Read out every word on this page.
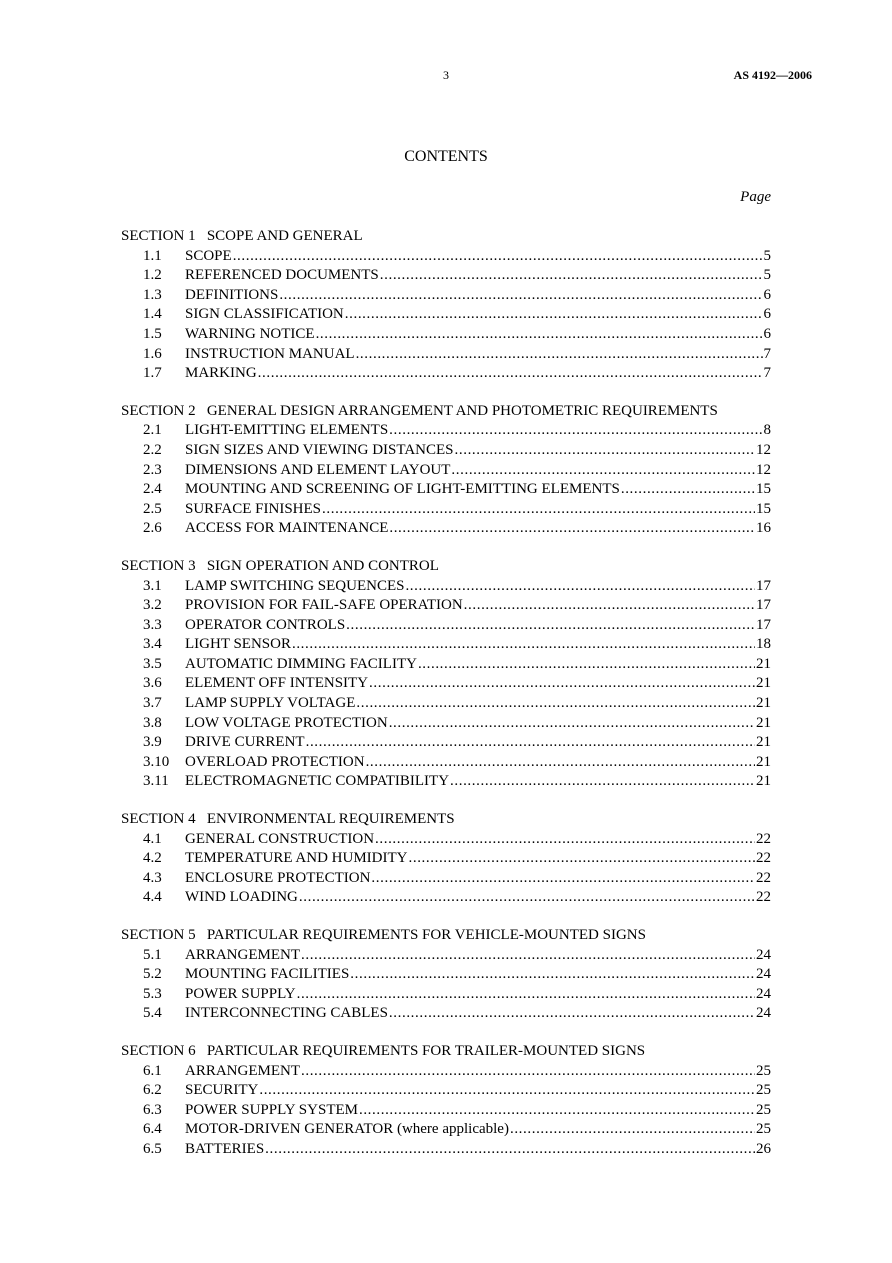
3	AS 4192—2006
CONTENTS
Page
SECTION 1   SCOPE AND GENERAL
1.1	SCOPE .....	5
1.2	REFERENCED DOCUMENTS .....	5
1.3	DEFINITIONS .....	6
1.4	SIGN CLASSIFICATION .....	6
1.5	WARNING NOTICE .....	6
1.6	INSTRUCTION MANUAL .....	7
1.7	MARKING .....	7
SECTION 2   GENERAL DESIGN ARRANGEMENT AND PHOTOMETRIC REQUIREMENTS
2.1	LIGHT-EMITTING ELEMENTS .....	8
2.2	SIGN SIZES AND VIEWING DISTANCES .....	12
2.3	DIMENSIONS AND ELEMENT LAYOUT .....	12
2.4	MOUNTING AND SCREENING OF LIGHT-EMITTING ELEMENTS .....	15
2.5	SURFACE FINISHES .....	15
2.6	ACCESS FOR MAINTENANCE .....	16
SECTION 3   SIGN OPERATION AND CONTROL
3.1	LAMP SWITCHING SEQUENCES .....	17
3.2	PROVISION FOR FAIL-SAFE OPERATION .....	17
3.3	OPERATOR CONTROLS .....	17
3.4	LIGHT SENSOR .....	18
3.5	AUTOMATIC DIMMING FACILITY .....	21
3.6	ELEMENT OFF INTENSITY .....	21
3.7	LAMP SUPPLY VOLTAGE .....	21
3.8	LOW VOLTAGE PROTECTION .....	21
3.9	DRIVE CURRENT .....	21
3.10	OVERLOAD PROTECTION .....	21
3.11	ELECTROMAGNETIC COMPATIBILITY .....	21
SECTION 4   ENVIRONMENTAL REQUIREMENTS
4.1	GENERAL CONSTRUCTION .....	22
4.2	TEMPERATURE AND HUMIDITY .....	22
4.3	ENCLOSURE PROTECTION .....	22
4.4	WIND LOADING .....	22
SECTION 5   PARTICULAR REQUIREMENTS FOR VEHICLE-MOUNTED SIGNS
5.1	ARRANGEMENT .....	24
5.2	MOUNTING FACILITIES .....	24
5.3	POWER SUPPLY .....	24
5.4	INTERCONNECTING CABLES .....	24
SECTION 6   PARTICULAR REQUIREMENTS FOR TRAILER-MOUNTED SIGNS
6.1	ARRANGEMENT .....	25
6.2	SECURITY .....	25
6.3	POWER SUPPLY SYSTEM .....	25
6.4	MOTOR-DRIVEN GENERATOR (where applicable) .....	25
6.5	BATTERIES .....	26
